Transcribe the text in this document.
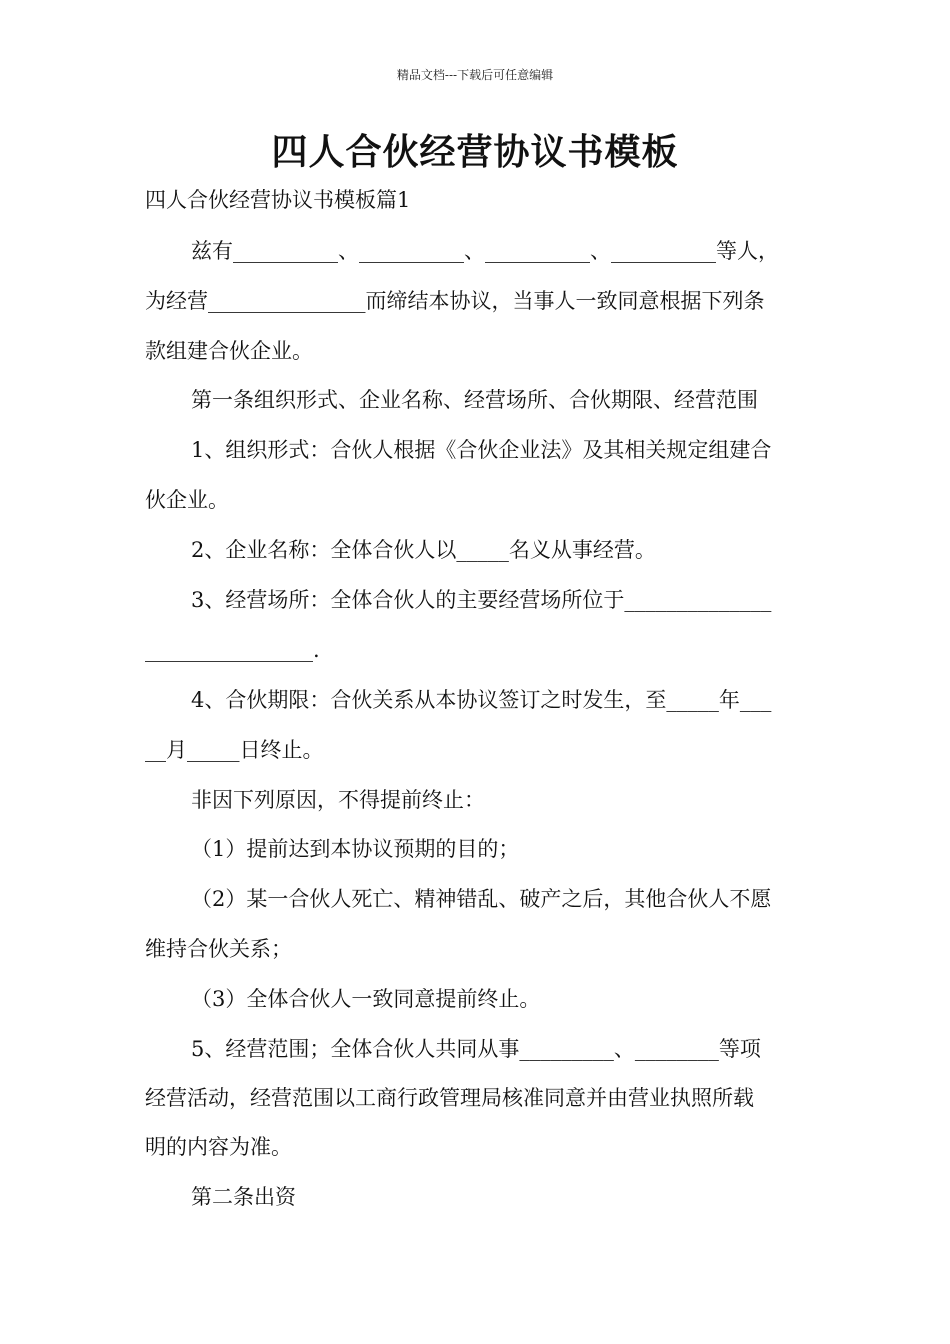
精品文档---下载后可任意编辑
四人合伙经营协议书模板
四人合伙经营协议书模板篇1
兹有__________、__________、__________、__________等人，
为经营_______________而缔结本协议，当事人一致同意根据下列条
款组建合伙企业。
第一条组织形式、企业名称、经营场所、合伙期限、经营范围
1、组织形式：合伙人根据《合伙企业法》及其相关规定组建合
伙企业。
2、企业名称：全体合伙人以_____名义从事经营。
3、经营场所：全体合伙人的主要经营场所位于______________
________________.
4、合伙期限：合伙关系从本协议签订之时发生，至_____年___
__月_____日终止。
非因下列原因，不得提前终止：
（1）提前达到本协议预期的目的；
（2）某一合伙人死亡、精神错乱、破产之后，其他合伙人不愿
维持合伙关系；
（3）全体合伙人一致同意提前终止。
5、经营范围；全体合伙人共同从事_________、________等项
经营活动，经营范围以工商行政管理局核准同意并由营业执照所载
明的内容为准。
第二条出资
